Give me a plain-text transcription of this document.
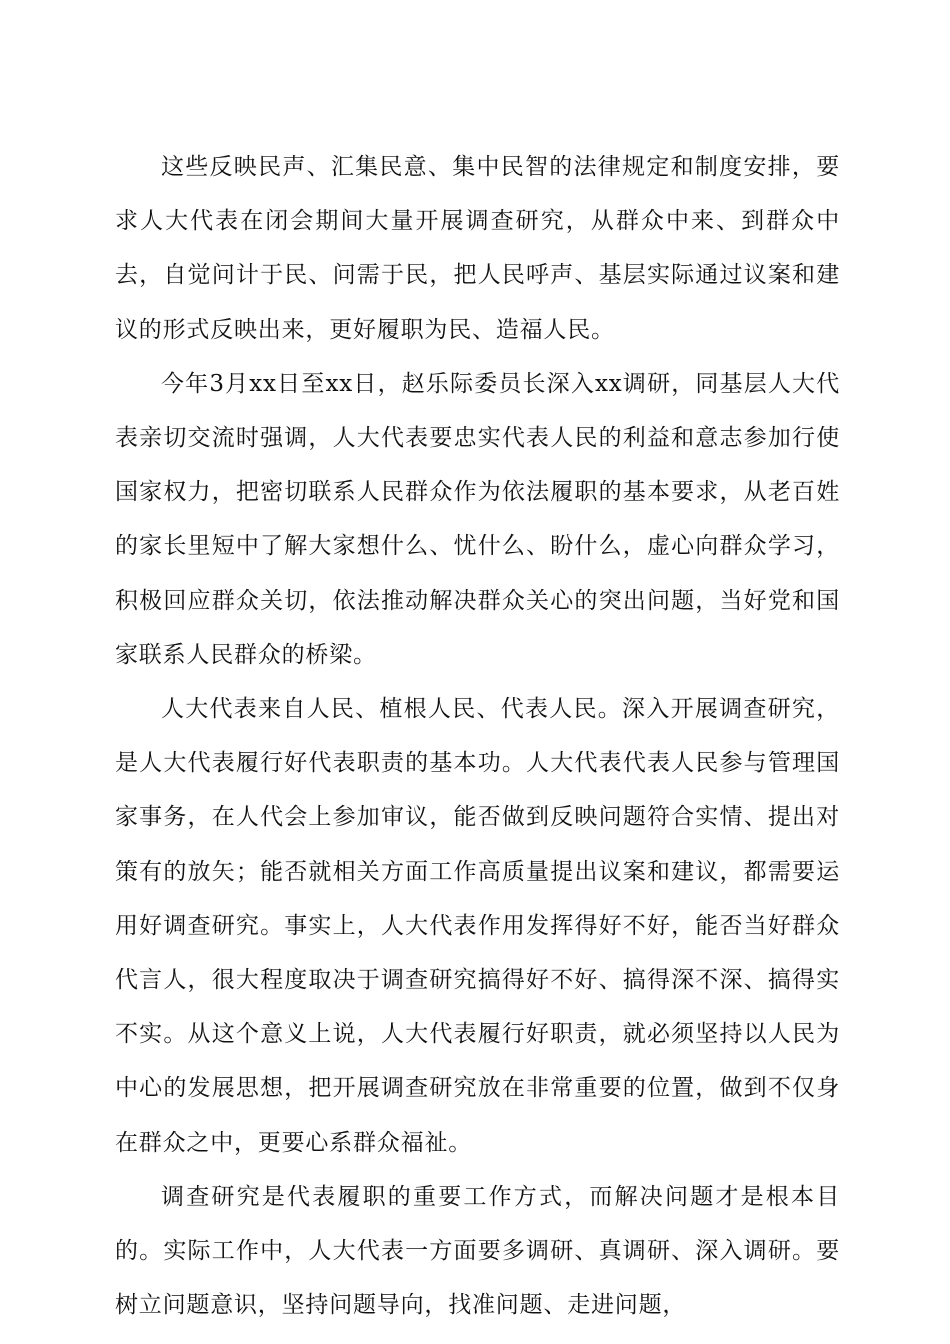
这些反映民声、汇集民意、集中民智的法律规定和制度安排，要求人大代表在闭会期间大量开展调查研究，从群众中来、到群众中去，自觉问计于民、问需于民，把人民呼声、基层实际通过议案和建议的形式反映出来，更好履职为民、造福人民。

今年3月xx日至xx日，赵乐际委员长深入xx调研，同基层人大代表亲切交流时强调，人大代表要忠实代表人民的利益和意志参加行使国家权力，把密切联系人民群众作为依法履职的基本要求，从老百姓的家长里短中了解大家想什么、忧什么、盼什么，虚心向群众学习，积极回应群众关切，依法推动解决群众关心的突出问题，当好党和国家联系人民群众的桥梁。

人大代表来自人民、植根人民、代表人民。深入开展调查研究，是人大代表履行好代表职责的基本功。人大代表代表人民参与管理国家事务，在人代会上参加审议，能否做到反映问题符合实情、提出对策有的放矢；能否就相关方面工作高质量提出议案和建议，都需要运用好调查研究。事实上，人大代表作用发挥得好不好，能否当好群众代言人，很大程度取决于调查研究搞得好不好、搞得深不深、搞得实不实。从这个意义上说，人大代表履行好职责，就必须坚持以人民为中心的发展思想，把开展调查研究放在非常重要的位置，做到不仅身在群众之中，更要心系群众福祉。

调查研究是代表履职的重要工作方式，而解决问题才是根本目的。实际工作中，人大代表一方面要多调研、真调研、深入调研。要树立问题意识，坚持问题导向，找准问题、走进问题，
